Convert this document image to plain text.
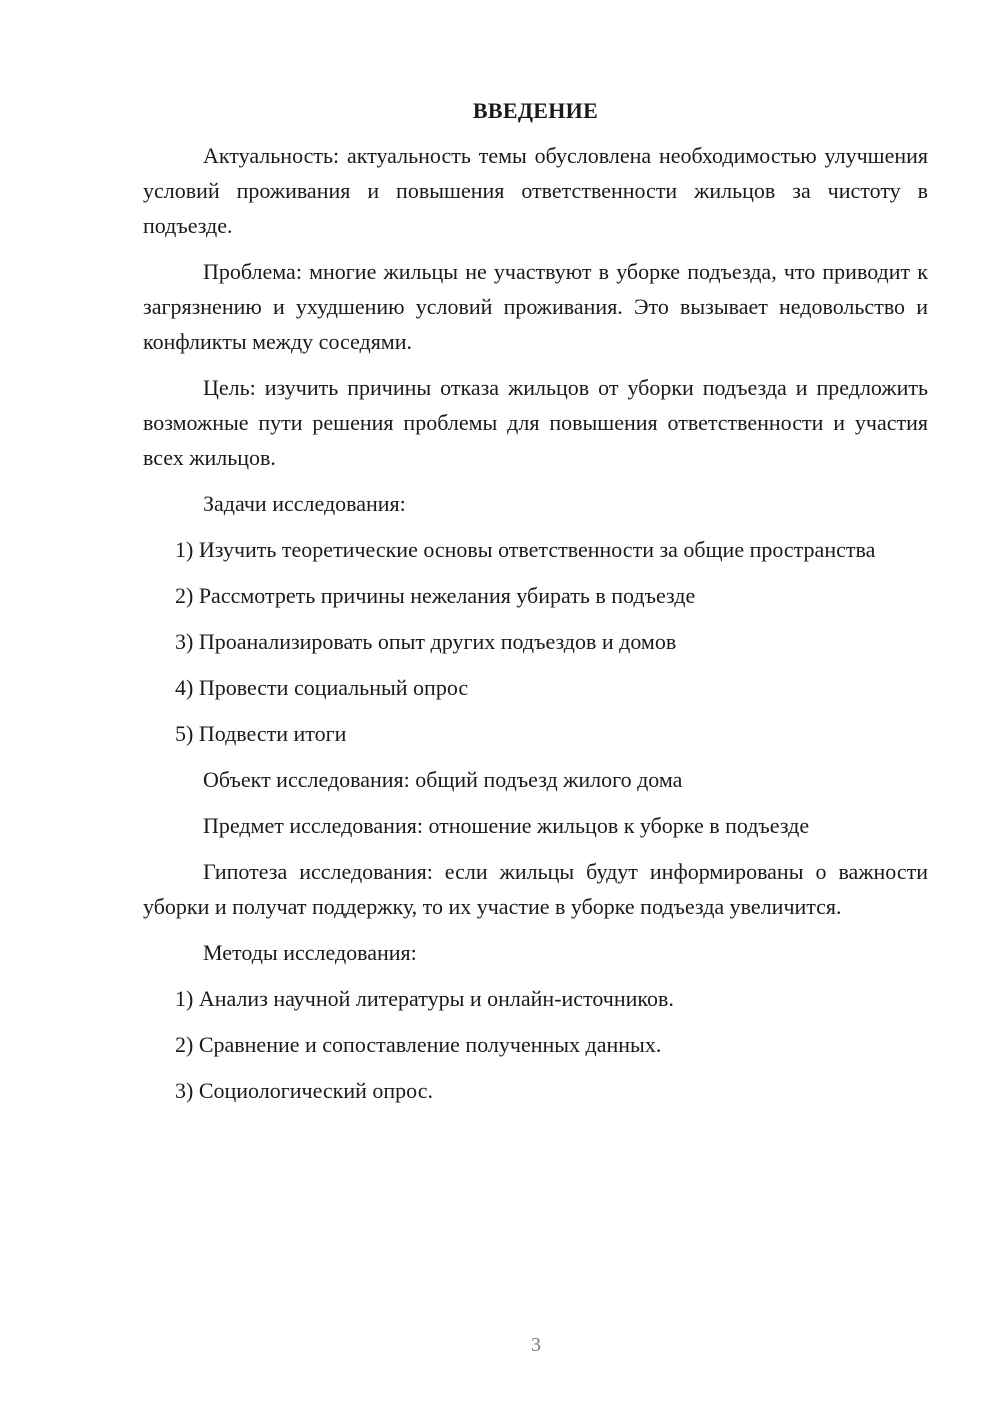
ВВЕДЕНИЕ

Актуальность: актуальность темы обусловлена необходимостью улучшения условий проживания и повышения ответственности жильцов за чистоту в подъезде.

Проблема: многие жильцы не участвуют в уборке подъезда, что приводит к загрязнению и ухудшению условий проживания. Это вызывает недовольство и конфликты между соседями.

Цель: изучить причины отказа жильцов от уборки подъезда и предложить возможные пути решения проблемы для повышения ответственности и участия всех жильцов.

Задачи исследования:

1) Изучить теоретические основы ответственности за общие пространства

2) Рассмотреть причины нежелания убирать в подъезде

3) Проанализировать опыт других подъездов и домов

4) Провести социальный опрос

5) Подвести итоги

Объект исследования: общий подъезд жилого дома

Предмет исследования: отношение жильцов к уборке в подъезде

Гипотеза исследования: если жильцы будут информированы о важности уборки и получат поддержку, то их участие в уборке подъезда увеличится.

Методы исследования:

1) Анализ научной литературы и онлайн-источников.

2) Сравнение и сопоставление полученных данных.

3) Социологический опрос.

3
